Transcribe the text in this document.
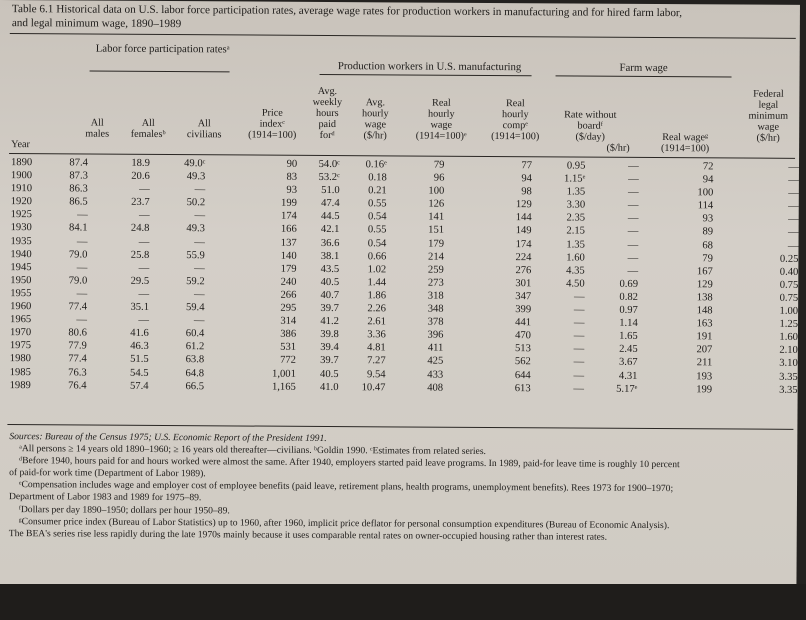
Table 6.1 Historical data on U.S. labor force participation rates, average wage rates for production workers in manufacturing and for hired farm labor,
and legal minimum wage, 1890–1989
Labor force participation ratesᵃ
Production workers in U.S. manufacturing	Farm wage
Year
All
males
All
femalesᵇ
All
civilians
Price
indexᶜ
(1914=100)
Avg.
weekly
hours
paid
forᵈ
Avg.
hourly
wage
($/hr)
Real
hourly
wage
(1914=100)ᵉ
Real
hourly
compᵉ
(1914=100)
Rate without
boardᶠ
($/day)
($/hr)
Real wageᵍ
(1914=100)
Federal
legal
minimum
wage
($/hr)
1890	87.4	18.9	49.0ᶜ	90	54.0ᶜ	0.16ᵉ	79	77	0.95	—	72	—
1900	87.3	20.6	49.3	83	53.2ᶜ	0.18	96	94	1.15ᵉ	—	94	—
1910	86.3	—	—	93	51.0	0.21	100	98	1.35	—	100	—
1920	86.5	23.7	50.2	199	47.4	0.55	126	129	3.30	—	114	—
1925	—	—	—	174	44.5	0.54	141	144	2.35	—	93	—
1930	84.1	24.8	49.3	166	42.1	0.55	151	149	2.15	—	89	—
1935	—	—	—	137	36.6	0.54	179	174	1.35	—	68	—
1940	79.0	25.8	55.9	140	38.1	0.66	214	224	1.60	—	79	0.25
1945	—	—	—	179	43.5	1.02	259	276	4.35	—	167	0.40
1950	79.0	29.5	59.2	240	40.5	1.44	273	301	4.50	0.69	129	0.75
1955	—	—	—	266	40.7	1.86	318	347	—	0.82	138	0.75
1960	77.4	35.1	59.4	295	39.7	2.26	348	399	—	0.97	148	1.00
1965	—	—	—	314	41.2	2.61	378	441	—	1.14	163	1.25
1970	80.6	41.6	60.4	386	39.8	3.36	396	470	—	1.65	191	1.60
1975	77.9	46.3	61.2	531	39.4	4.81	411	513	—	2.45	207	2.10
1980	77.4	51.5	63.8	772	39.7	7.27	425	562	—	3.67	211	3.10
1985	76.3	54.5	64.8	1,001	40.5	9.54	433	644	—	4.31	193	3.35
1989	76.4	57.4	66.5	1,165	41.0	10.47	408	613	—	5.17ᵉ	199	3.35
Sources: Bureau of the Census 1975; U.S. Economic Report of the President 1991.
ᵃAll persons ≥ 14 years old 1890–1960; ≥ 16 years old thereafter—civilians. ᵇGoldin 1990. ᶜEstimates from related series.
ᵈBefore 1940, hours paid for and hours worked were almost the same. After 1940, employers started paid leave programs. In 1989, paid-for leave time is roughly 10 percent
of paid-for work time (Department of Labor 1989).
ᵉCompensation includes wage and employer cost of employee benefits (paid leave, retirement plans, health programs, unemployment benefits). Rees 1973 for 1900–1970;
Department of Labor 1983 and 1989 for 1975–89.
ᶠDollars per day 1890–1950; dollars per hour 1950–89.
ᵍConsumer price index (Bureau of Labor Statistics) up to 1960, after 1960, implicit price deflator for personal consumption expenditures (Bureau of Economic Analysis).
The BEA's series rise less rapidly during the late 1970s mainly because it uses comparable rental rates on owner-occupied housing rather than interest rates.
